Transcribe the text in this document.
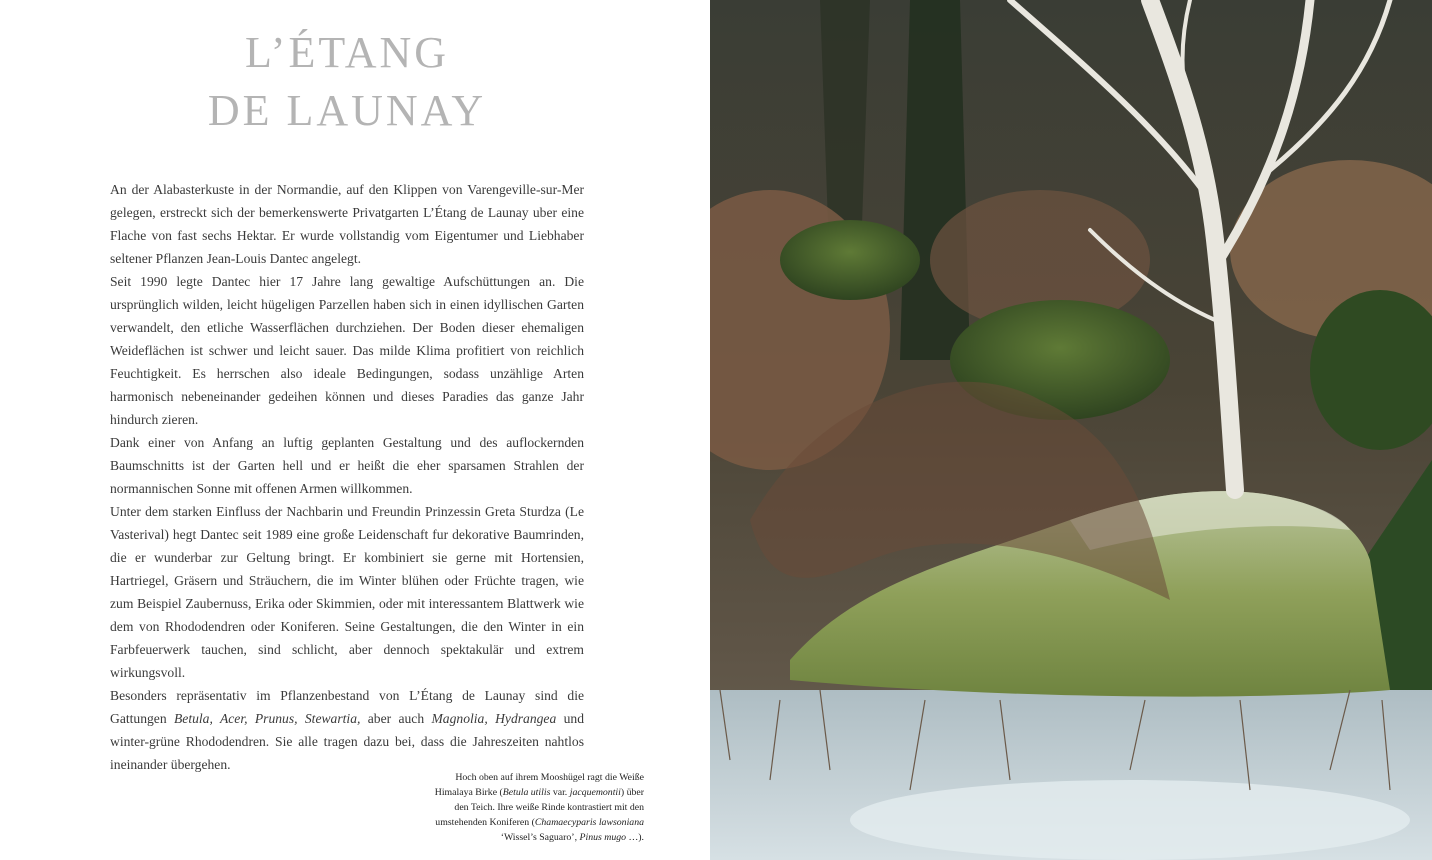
L’ÉTANG
DE LAUNAY

An der Alabasterkuste in der Normandie, auf den Klippen von Varengeville-sur-Mer gelegen, erstreckt sich der bemerkenswerte Privatgarten L’Étang de Launay uber eine Flache von fast sechs Hektar. Er wurde vollstandig vom Eigentumer und Liebhaber seltener Pflanzen Jean-Louis Dantec angelegt.

Seit 1990 legte Dantec hier 17 Jahre lang gewaltige Aufschüttungen an. Die ursprünglich wilden, leicht hügeligen Parzellen haben sich in einen idyllischen Garten verwandelt, den etliche Wasserflächen durchziehen. Der Boden dieser ehemaligen Weideflächen ist schwer und leicht sauer. Das milde Klima profitiert von reichlich Feuchtigkeit. Es herrschen also ideale Bedingungen, sodass unzählige Arten harmonisch nebeneinander gedeihen können und dieses Paradies das ganze Jahr hindurch zieren.

Dank einer von Anfang an luftig geplanten Gestaltung und des auflockernden Baumschnitts ist der Garten hell und er heißt die eher sparsamen Strahlen der normannischen Sonne mit offenen Armen willkommen.

Unter dem starken Einfluss der Nachbarin und Freundin Prinzessin Greta Sturdza (Le Vasterival) hegt Dantec seit 1989 eine große Leidenschaft fur dekorative Baumrinden, die er wunderbar zur Geltung bringt. Er kombiniert sie gerne mit Hortensien, Hartriegel, Gräsern und Sträuchern, die im Winter blühen oder Früchte tragen, wie zum Beispiel Zaubernuss, Erika oder Skimmien, oder mit interessantem Blattwerk wie dem von Rhododendren oder Koniferen. Seine Gestaltungen, die den Winter in ein Farbfeuerwerk tauchen, sind schlicht, aber dennoch spektakulär und extrem wirkungsvoll.

Besonders repräsentativ im Pflanzenbestand von L’Étang de Launay sind die Gattungen Betula, Acer, Prunus, Stewartia, aber auch Magnolia, Hydrangea und winter-grüne Rhododendren. Sie alle tragen dazu bei, dass die Jahreszeiten nahtlos ineinander übergehen.

Hoch oben auf ihrem Mooshügel ragt die Weiße Himalaya Birke (Betula utilis var. jacquemontii) über den Teich. Ihre weiße Rinde kontrastiert mit den umstehenden Koniferen (Chamaecyparis lawsoniana ‘Wissel’s Saguaro’, Pinus mugo …).
